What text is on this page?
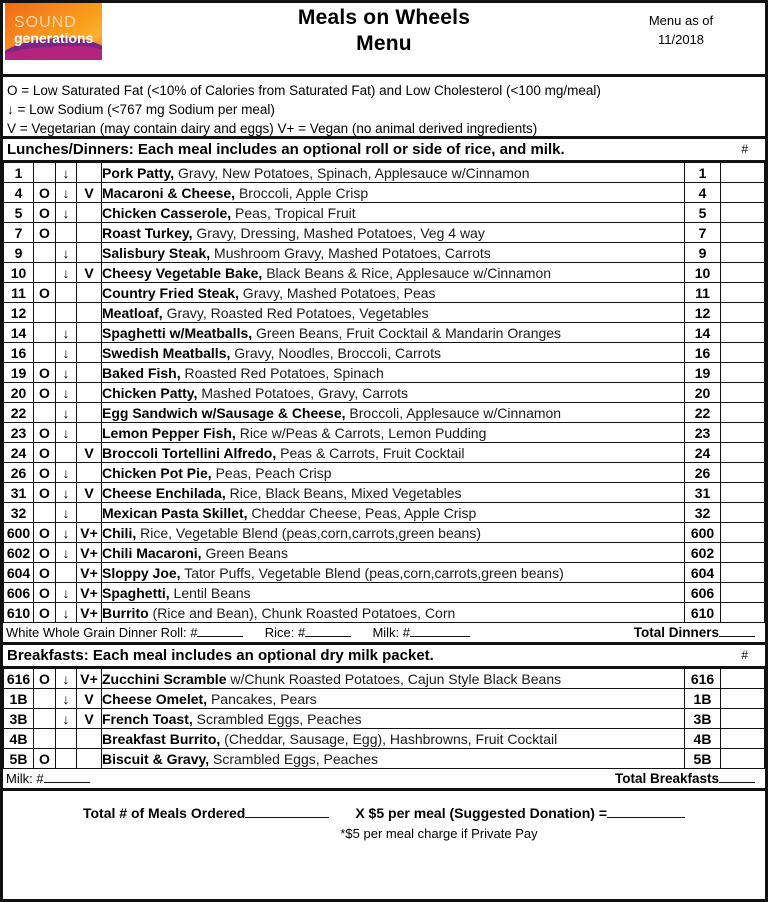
SOUND
generations
Meals on Wheels
Menu
Menu as of
11/2018
O = Low Saturated Fat (<10% of Calories from Saturated Fat) and Low Cholesterol (<100 mg/meal)
↓ = Low Sodium (<767 mg Sodium per meal)
V = Vegetarian (may contain dairy and eggs) V+ = Vegan (no animal derived ingredients)
Lunches/Dinners: Each meal includes an optional roll or side of rice, and milk.	#
1		↓		Pork Patty, Gravy, New Potatoes, Spinach, Applesauce w/Cinnamon	1	
4	O	↓	V	Macaroni & Cheese, Broccoli, Apple Crisp	4	
5	O	↓		Chicken Casserole, Peas, Tropical Fruit	5	
7	O			Roast Turkey, Gravy, Dressing, Mashed Potatoes, Veg 4 way	7	
9		↓		Salisbury Steak, Mushroom Gravy, Mashed Potatoes, Carrots	9	
10		↓	V	Cheesy Vegetable Bake, Black Beans & Rice, Applesauce w/Cinnamon	10	
11	O			Country Fried Steak, Gravy, Mashed Potatoes, Peas	11	
12				Meatloaf, Gravy, Roasted Red Potatoes, Vegetables	12	
14		↓		Spaghetti w/Meatballs, Green Beans, Fruit Cocktail & Mandarin Oranges	14	
16		↓		Swedish Meatballs, Gravy, Noodles, Broccoli, Carrots	16	
19	O	↓		Baked Fish, Roasted Red Potatoes, Spinach	19	
20	O	↓		Chicken Patty, Mashed Potatoes, Gravy, Carrots	20	
22		↓		Egg Sandwich w/Sausage & Cheese, Broccoli, Applesauce w/Cinnamon	22	
23	O	↓		Lemon Pepper Fish, Rice w/Peas & Carrots, Lemon Pudding	23	
24	O		V	Broccoli Tortellini Alfredo, Peas & Carrots, Fruit Cocktail	24	
26	O	↓		Chicken Pot Pie, Peas, Peach Crisp	26	
31	O	↓	V	Cheese Enchilada, Rice, Black Beans, Mixed Vegetables	31	
32		↓		Mexican Pasta Skillet, Cheddar Cheese, Peas, Apple Crisp	32	
600	O	↓	V+	Chili, Rice, Vegetable Blend (peas,corn,carrots,green beans)	600	
602	O	↓	V+	Chili Macaroni, Green Beans	602	
604	O		V+	Sloppy Joe, Tator Puffs, Vegetable Blend (peas,corn,carrots,green beans)	604	
606	O	↓	V+	Spaghetti, Lentil Beans	606	
610	O	↓	V+	Burrito (Rice and Bean), Chunk Roasted Potatoes, Corn	610	
White Whole Grain Dinner Roll: #	Rice: #	Milk: #	Total Dinners
Breakfasts: Each meal includes an optional dry milk packet.	#
616	O	↓	V+	Zucchini Scramble w/Chunk Roasted Potatoes, Cajun Style Black Beans	616	
1B		↓	V	Cheese Omelet, Pancakes, Pears	1B	
3B		↓	V	French Toast, Scrambled Eggs, Peaches	3B	
4B				Breakfast Burrito, (Cheddar, Sausage, Egg), Hashbrowns, Fruit Cocktail	4B	
5B	O			Biscuit & Gravy, Scrambled Eggs, Peaches	5B	
Milk: #	Total Breakfasts
Total # of Meals Ordered	X $5 per meal (Suggested Donation) =
*$5 per meal charge if Private Pay
